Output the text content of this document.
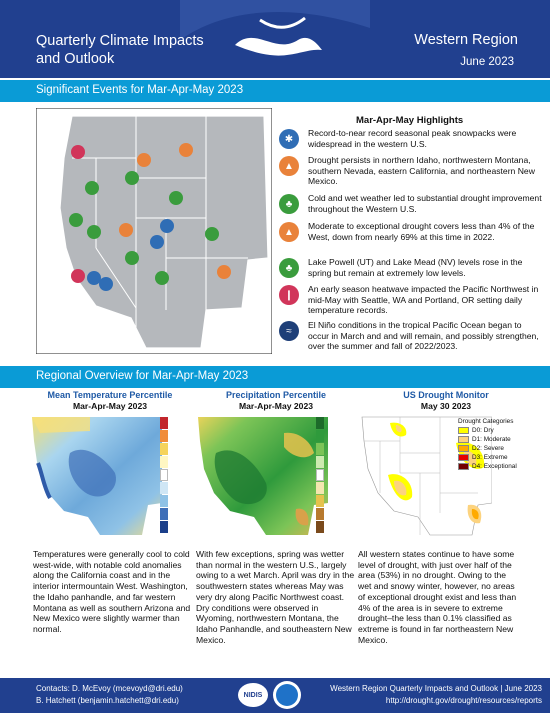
Quarterly Climate Impacts and Outlook
Western Region
June 2023
Significant Events for Mar-Apr-May 2023
Mar-Apr-May Highlights
✱
Record-to-near record seasonal peak snowpacks were widespread in the western U.S.
▲
Drought persists in northern Idaho, northwestern Montana, southern Nevada, eastern California, and northeastern New Mexico.
♣
Cold and wet weather led to substantial drought improvement throughout the Western U.S.
▲
Moderate to exceptional drought covers less than 4% of the West, down from nearly 69% at this time in 2022.
♣
Lake Powell (UT) and Lake Mead (NV) levels rose in the spring but remain at extremely low levels.
❙
An early season heatwave impacted the Pacific Northwest in mid-May with Seattle, WA and Portland, OR setting daily temperature records.
≈
El Niño conditions in the tropical Pacific Ocean began to occur in March and and will remain, and possibly strengthen, over the summer and fall of 2022/2023.
Regional Overview for Mar-Apr-May 2023
Mean Temperature Percentile
Mar-Apr-May 2023
Precipitation Percentile
Mar-Apr-May 2023
US Drought Monitor
May 30 2023
Drought Categories
D0: Dry
D1: Moderate
D2: Severe
D3: Extreme
D4: Exceptional
Temperatures were generally cool to cold west-wide, with notable cold anomalies along the California coast and in the interior intermountain West. Washington, the Idaho panhandle, and far western Montana as well as southern Arizona and New Mexico were slightly warmer than normal.
With few exceptions, spring was wetter than normal in the western U.S., largely owing to a wet March. April was dry in the southwestern states whereas May was very dry along Pacific Northwest coast. Dry conditions were observed in Wyoming, northwestern Montana, the Idaho Panhandle, and southeastern New Mexico.
All western states continue to have some level of drought, with just over half of the area (53%) in no drought. Owing to the wet and snowy winter, however, no areas of exceptional drought exist and less than 4% of the area is in severe to extreme drought–the less than 0.1% classified as extreme is found in far northeastern New Mexico.
Contacts: D. McEvoy (mcevoyd@dri.edu)
B. Hatchett (benjamin.hatchett@dri.edu)
NIDIS
Western Region Quarterly Impacts and Outlook | June 2023
http://drought.gov/drought/resources/reports
